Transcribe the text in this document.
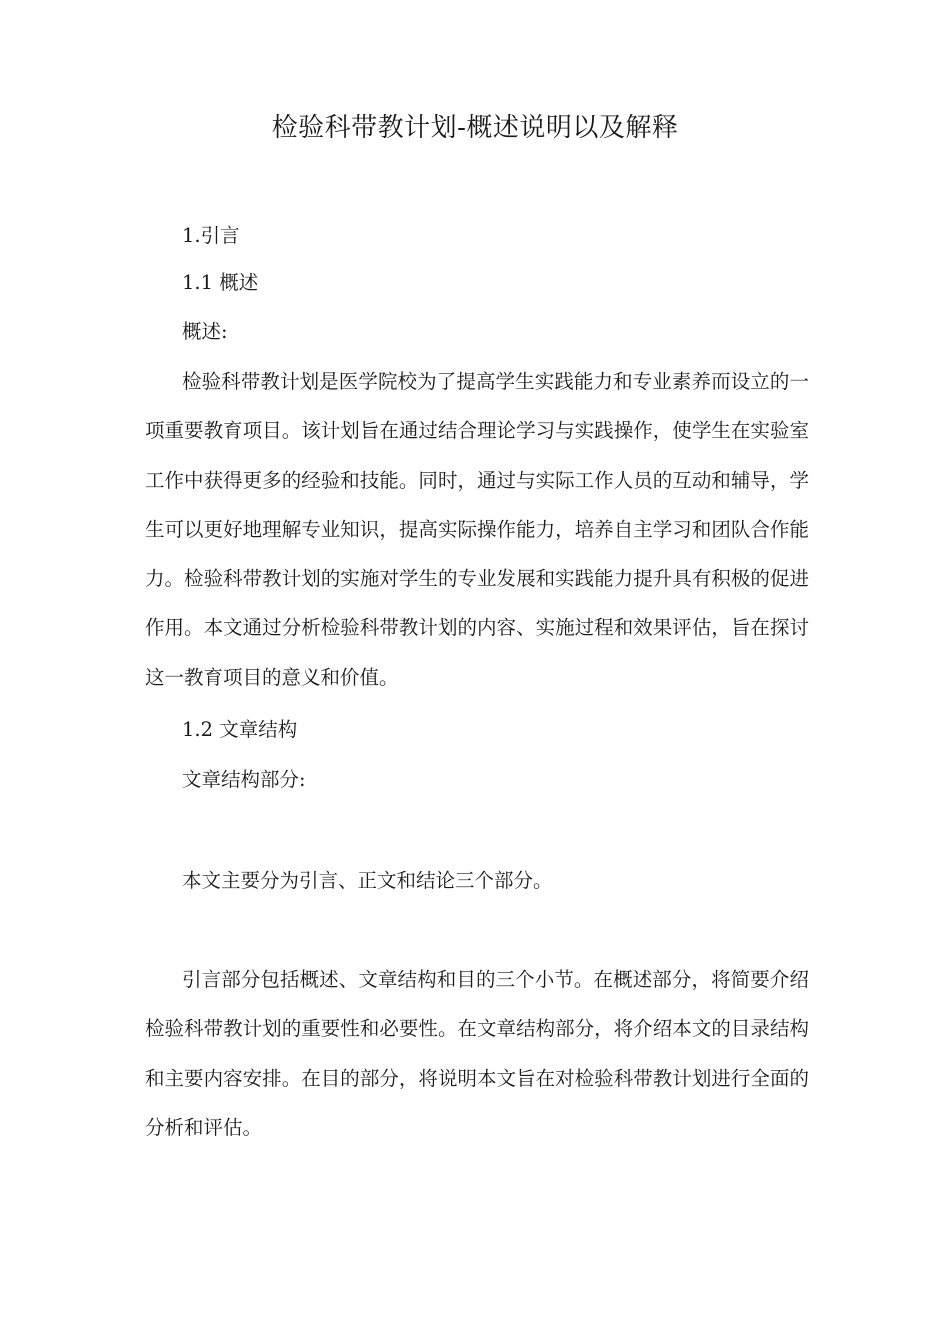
检验科带教计划-概述说明以及解释

1.引言

1.1 概述

概述:

检验科带教计划是医学院校为了提高学生实践能力和专业素养而设立的一项重要教育项目。该计划旨在通过结合理论学习与实践操作，使学生在实验室工作中获得更多的经验和技能。同时，通过与实际工作人员的互动和辅导，学生可以更好地理解专业知识，提高实际操作能力，培养自主学习和团队合作能力。检验科带教计划的实施对学生的专业发展和实践能力提升具有积极的促进作用。本文通过分析检验科带教计划的内容、实施过程和效果评估，旨在探讨这一教育项目的意义和价值。

1.2 文章结构

文章结构部分:

本文主要分为引言、正文和结论三个部分。

引言部分包括概述、文章结构和目的三个小节。在概述部分，将简要介绍检验科带教计划的重要性和必要性。在文章结构部分，将介绍本文的目录结构和主要内容安排。在目的部分，将说明本文旨在对检验科带教计划进行全面的分析和评估。
